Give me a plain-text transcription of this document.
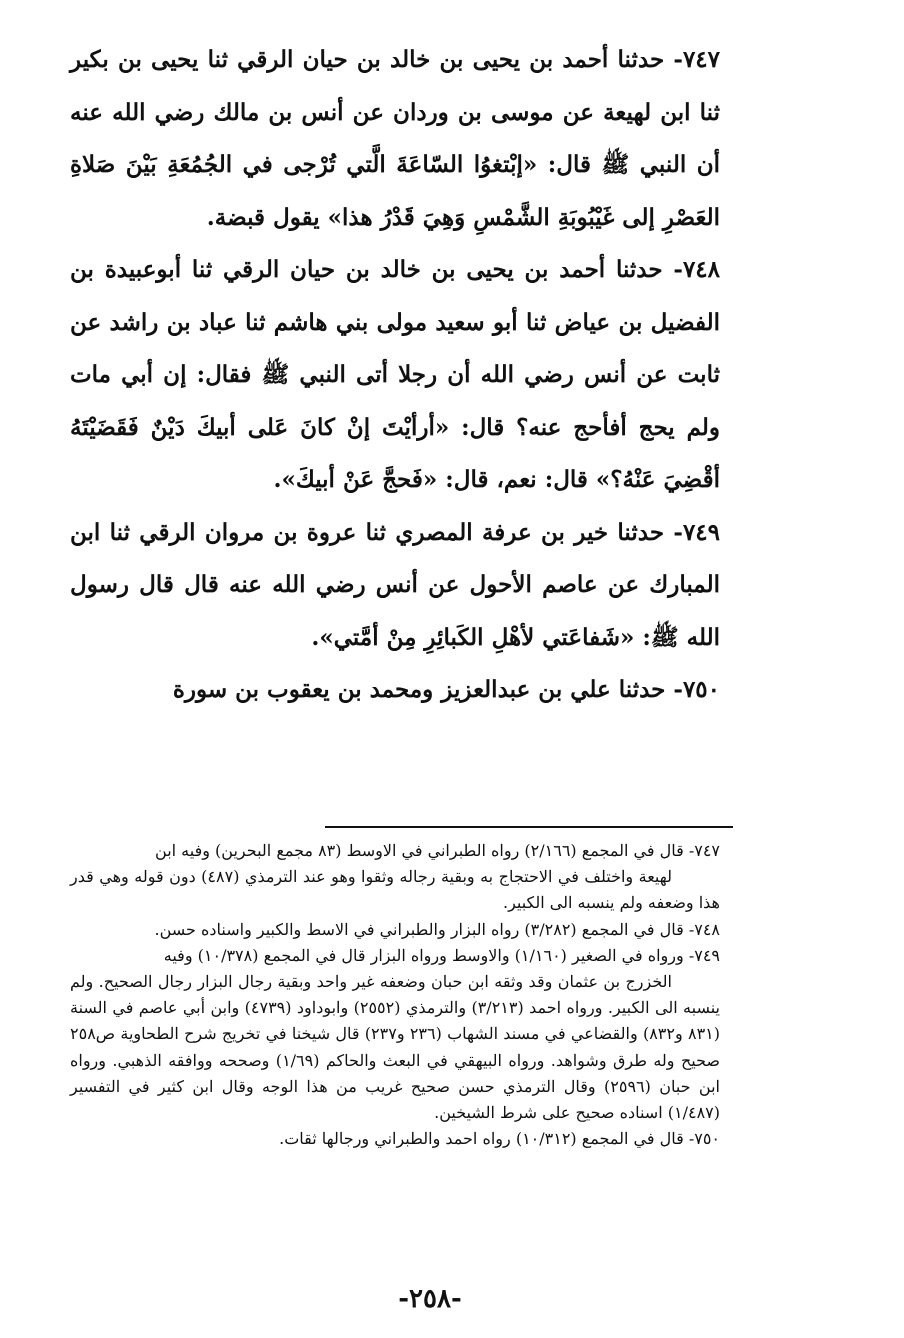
٧٤٧- حدثنا أحمد بن يحيى بن خالد بن حيان الرقي ثنا يحيى بن بكير ثنا ابن لهيعة عن موسى بن وردان عن أنس بن مالك رضي الله عنه أن النبي ﷺ قال: «إبْتغوُا السّاعَةَ الَّتي تُرْجى في الجُمُعَةِ بَيْنَ صَلاةِ العَصْرِ إلى غَيْبُوبَةِ الشَّمْسِ وَهِيَ قَدْرُ هذا» يقول قبضة.

٧٤٨- حدثنا أحمد بن يحيى بن خالد بن حيان الرقي ثنا أبوعبيدة بن الفضيل بن عياض ثنا أبو سعيد مولى بني هاشم ثنا عباد بن راشد عن ثابت عن أنس رضي الله أن رجلا أتى النبي ﷺ فقال: إن أبي مات ولم يحج أفأحج عنه؟ قال: «أرأيْتَ إنْ كانَ عَلى أبيكَ دَيْنٌ فَقَضَيْتَهُ أقْضِيَ عَنْهُ؟» قال: نعم، قال: «فَحجَّ عَنْ أبيكَ».

٧٤٩- حدثنا خير بن عرفة المصري ثنا عروة بن مروان الرقي ثنا ابن المبارك عن عاصم الأحول عن أنس رضي الله عنه قال قال رسول الله ﷺ: «شَفاعَتي لأهْلِ الكَبائِرِ مِنْ أمَّتي».

٧٥٠- حدثنا علي بن عبدالعزيز ومحمد بن يعقوب بن سورة

٧٤٧- قال في المجمع (٢/١٦٦) رواه الطبراني في الاوسط (٨٣ مجمع البحرين) وفيه ابن

لهيعة واختلف في الاحتجاج به وبقية رجاله وثقوا وهو عند الترمذي (٤٨٧) دون قوله وهي قدر هذا وضعفه ولم ينسبه الى الكبير.

٧٤٨- قال في المجمع (٣/٢٨٢) رواه البزار والطبراني في الاسط والكبير واسناده حسن.

٧٤٩- ورواه في الصغير (١/١٦٠) والاوسط ورواه البزار قال في المجمع (١٠/٣٧٨) وفيه

الخزرج بن عثمان وقد وثقه ابن حبان وضعفه غير واحد وبقية رجال البزار رجال الصحيح. ولم ينسبه الى الكبير. ورواه احمد (٣/٢١٣) والترمذي (٢٥٥٢) وابوداود (٤٧٣٩) وابن أبي عاصم في السنة (٨٣١ و٨٣٢) والقضاعي في مسند الشهاب (٢٣٦ و٢٣٧) قال شيخنا في تخريج شرح الطحاوية ص٢٥٨ صحيح وله طرق وشواهد. ورواه البيهقي في البعث والحاكم (١/٦٩) وصححه ووافقه الذهبي. ورواه ابن حبان (٢٥٩٦) وقال الترمذي حسن صحيح غريب من هذا الوجه وقال ابن كثير في التفسير (١/٤٨٧) اسناده صحيح على شرط الشيخين.

٧٥٠- قال في المجمع (١٠/٣١٢) رواه احمد والطبراني ورجالها ثقات.

-٢٥٨-
